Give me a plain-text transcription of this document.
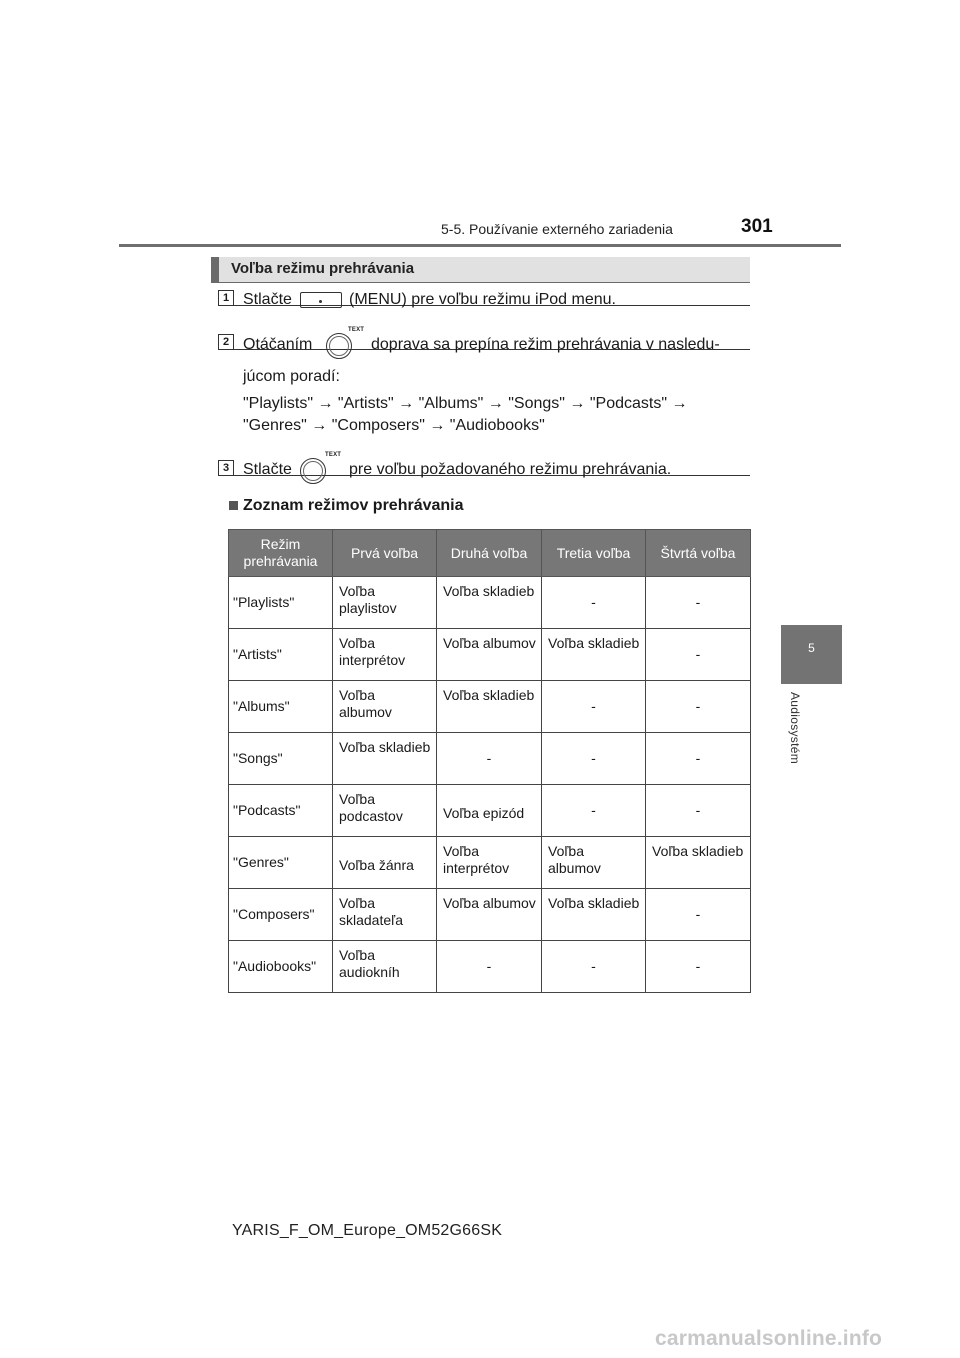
5-5. Používanie externého zariadenia	301
5
Audiosystém
Voľba režimu prehrávania
1 Stlačte	(MENU) pre voľbu režimu iPod menu.
2 Otáčaním
TEXT
doprava sa prepína režim prehrávania v nasledu-
júcom poradí:
"Playlists" → "Artists" → "Albums" → "Songs" → "Podcasts" →
"Genres" → "Composers" → "Audiobooks"
3 Stlačte
TEXT
pre voľbu požadovaného režimu prehrávania.
Zoznam režimov prehrávania
Režim prehrávania	Prvá voľba	Druhá voľba	Tretia voľba	Štvrtá voľba
"Playlists"	Voľba playlistov	Voľba skladieb	-	-
"Artists"	Voľba interprétov	Voľba albumov	Voľba skladieb	-
"Albums"	Voľba albumov	Voľba skladieb	-	-
"Songs"	Voľba skladieb	-	-	-
"Podcasts"	Voľba podcastov	Voľba epizód	-	-
"Genres"	Voľba žánra	Voľba interprétov	Voľba albumov	Voľba skladieb
"Composers"	Voľba skladateľa	Voľba albumov	Voľba skladieb	-
"Audiobooks"	Voľba audiokníh	-	-	-
YARIS_F_OM_Europe_OM52G66SK
carmanualsonline.info
